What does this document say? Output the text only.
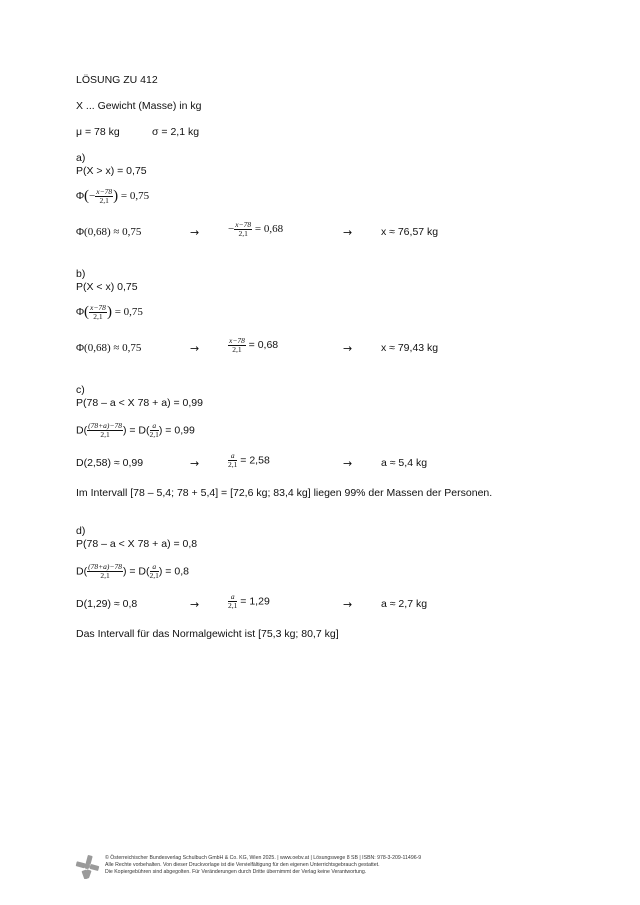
LÖSUNG ZU 412
X ... Gewicht (Masse) in kg
μ = 78 kg	σ = 2,1 kg
a)
P(X > x) = 0,75
$\Phi(- \frac{x-78}{2,1}$ ) = 0,75
Φ(0,68) ≈ 0,75	→	− $\frac{x-78}{2,1} = 0,68$	→	x ≈ 76,57 kg
b)
P(X < x) 0,75
$\Phi( \frac{x-78}{2,1}$ ) = 0,75
Φ(0,68) ≈ 0,75	→	$\frac{x-78}{2,1} = 0,68$	→	x ≈ 79,43 kg
c)
P(78 – a < X 78 + a) = 0,99
$D( \frac{(78+a)-78}{2,1}$ ) = $D( \frac{a}{2,1}$ ) = 0,99
D(2,58) ≈ 0,99	→	$\frac{a}{2,1} = 2,58$	→	a ≈ 5,4 kg
Im Intervall [78 – 5,4; 78 + 5,4] = [72,6 kg; 83,4 kg] liegen 99% der Massen der Personen.
d)
P(78 – a < X 78 + a) = 0,8
$D( \frac{(78+a)-78}{2,1}$ ) = $D( \frac{a}{2,1}$ ) = 0,8
D(1,29) ≈ 0,8	→	$\frac{a}{2,1} = 1,29$	→	a ≈ 2,7 kg
Das Intervall für das Normalgewicht ist [75,3 kg; 80,7 kg]
© Österreichischer Bundesverlag Schulbuch GmbH & Co. KG, Wien 2025. | www.oebv.at | Lösungswege 8 SB | ISBN: 978-3-209-11496-9
Alle Rechte vorbehalten. Von dieser Druckvorlage ist die Vervielfältigung für den eigenen Unterrichtsgebrauch gestattet.
Die Kopiergebühren sind abgegolten. Für Veränderungen durch Dritte übernimmt der Verlag keine Verantwortung.
